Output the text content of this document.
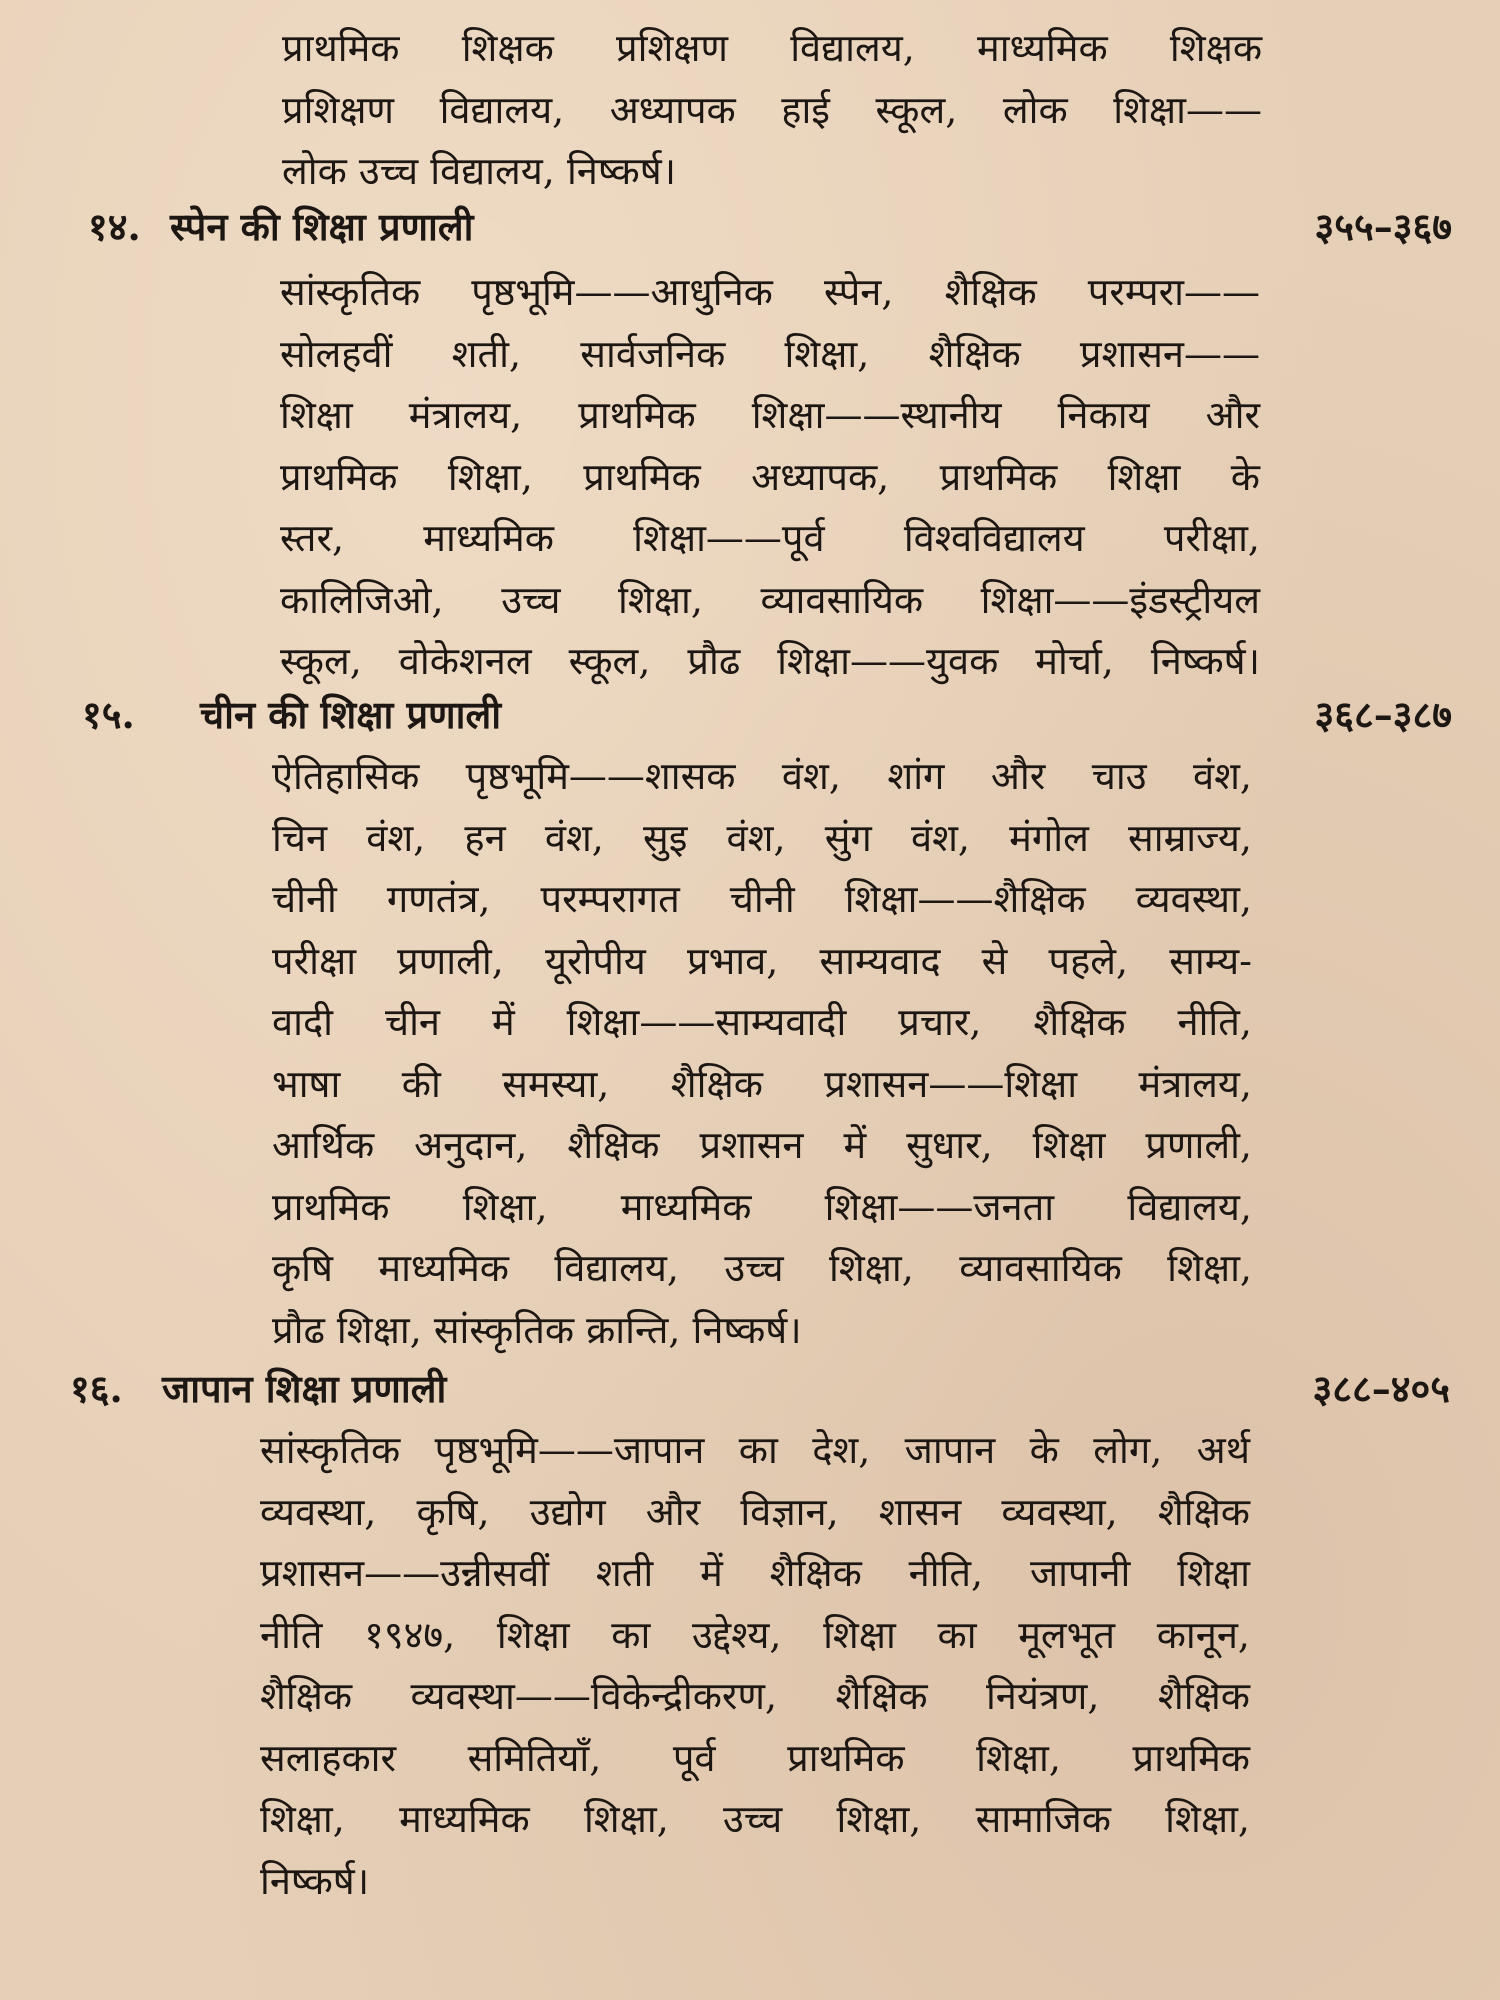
प्राथमिक शिक्षक प्रशिक्षण विद्यालय, माध्यमिक शिक्षक
प्रशिक्षण विद्यालय, अध्यापक हाई स्कूल, लोक शिक्षा——
लोक उच्च विद्यालय, निष्कर्ष।
१४. स्पेन की शिक्षा प्रणाली	३५५–३६७
सांस्कृतिक पृष्ठभूमि——आधुनिक स्पेन, शैक्षिक परम्परा——
सोलहवीं शती, सार्वजनिक शिक्षा, शैक्षिक प्रशासन——
शिक्षा मंत्रालय, प्राथमिक शिक्षा——स्थानीय निकाय और
प्राथमिक शिक्षा, प्राथमिक अध्यापक, प्राथमिक शिक्षा के
स्तर, माध्यमिक शिक्षा——पूर्व विश्वविद्यालय परीक्षा,
कालिजिओ, उच्च शिक्षा, व्यावसायिक शिक्षा——इंडस्ट्रीयल
स्कूल, वोकेशनल स्कूल, प्रौढ शिक्षा——युवक मोर्चा, निष्कर्ष।
१५. चीन की शिक्षा प्रणाली	३६८–३८७
ऐतिहासिक पृष्ठभूमि——शासक वंश, शांग और चाउ वंश,
चिन वंश, हन वंश, सुइ वंश, सुंग वंश, मंगोल साम्राज्य,
चीनी गणतंत्र, परम्परागत चीनी शिक्षा——शैक्षिक व्यवस्था,
परीक्षा प्रणाली, यूरोपीय प्रभाव, साम्यवाद से पहले, साम्य-
वादी चीन में शिक्षा——साम्यवादी प्रचार, शैक्षिक नीति,
भाषा की समस्या, शैक्षिक प्रशासन——शिक्षा मंत्रालय,
आर्थिक अनुदान, शैक्षिक प्रशासन में सुधार, शिक्षा प्रणाली,
प्राथमिक शिक्षा, माध्यमिक शिक्षा——जनता विद्यालय,
कृषि माध्यमिक विद्यालय, उच्च शिक्षा, व्यावसायिक शिक्षा,
प्रौढ शिक्षा, सांस्कृतिक क्रान्ति, निष्कर्ष।
१६. जापान शिक्षा प्रणाली	३८८–४०५
सांस्कृतिक पृष्ठभूमि——जापान का देश, जापान के लोग, अर्थ
व्यवस्था, कृषि, उद्योग और विज्ञान, शासन व्यवस्था, शैक्षिक
प्रशासन——उन्नीसवीं शती में शैक्षिक नीति, जापानी शिक्षा
नीति १९४७, शिक्षा का उद्देश्य, शिक्षा का मूलभूत कानून,
शैक्षिक व्यवस्था——विकेन्द्रीकरण, शैक्षिक नियंत्रण, शैक्षिक
सलाहकार समितियाँ, पूर्व प्राथमिक शिक्षा, प्राथमिक
शिक्षा, माध्यमिक शिक्षा, उच्च शिक्षा, सामाजिक शिक्षा,
निष्कर्ष।
